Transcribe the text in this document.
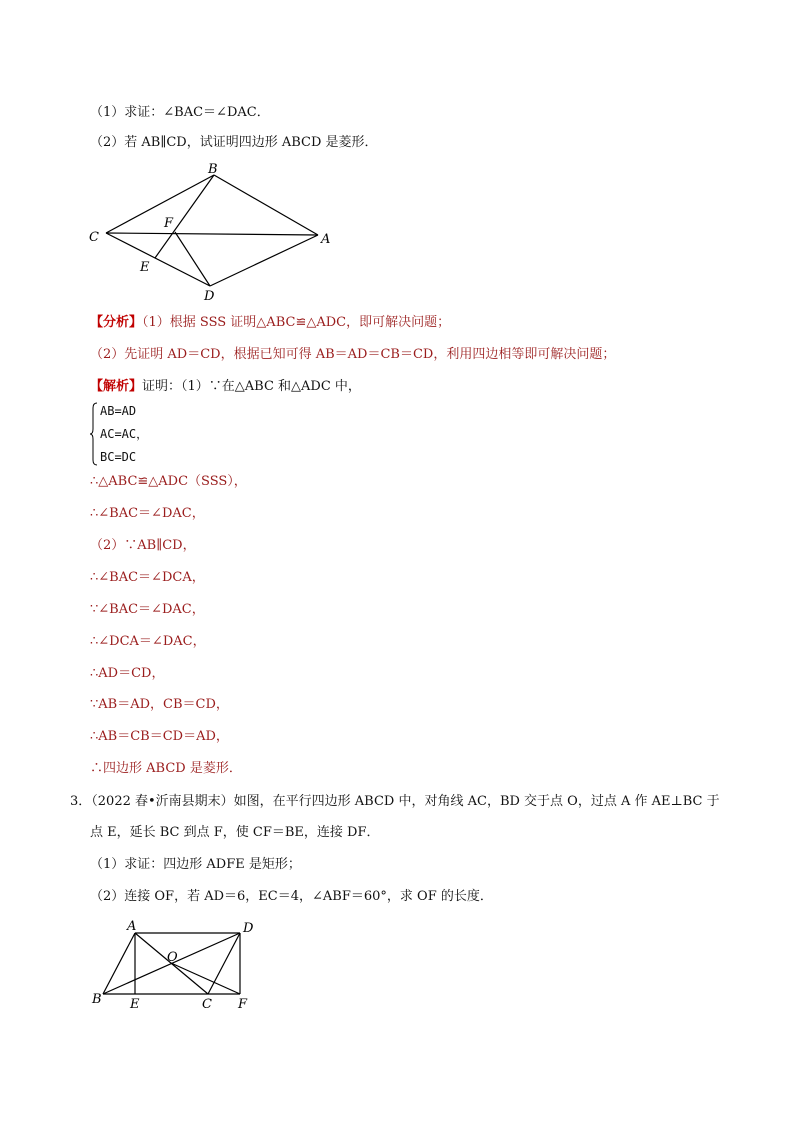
（1）求证：∠BAC＝∠DAC．
（2）若 AB∥CD，试证明四边形 ABCD 是菱形．
B
C
F
A
E
D
【分析】（1）根据 SSS 证明△ABC≌△ADC，即可解决问题；
（2）先证明 AD＝CD，根据已知可得 AB＝AD＝CB＝CD，利用四边相等即可解决问题；
【解析】证明：（1）∵在△ABC 和△ADC 中，
AB=AD
AC=AC，
BC=DC
∴△ABC≌△ADC（SSS），
∴∠BAC＝∠DAC，
（2）∵AB∥CD，
∴∠BAC＝∠DCA，
∵∠BAC＝∠DAC，
∴∠DCA＝∠DAC，
∴AD＝CD，
∵AB＝AD，CB＝CD，
∴AB＝CB＝CD＝AD，
∴四边形 ABCD 是菱形．
3．（2022 春•沂南县期末）如图，在平行四边形 ABCD 中，对角线 AC，BD 交于点 O，过点 A 作 AE⊥BC 于
点 E，延长 BC 到点 F，使 CF＝BE，连接 DF．
（1）求证：四边形 ADFE 是矩形；
（2）连接 OF，若 AD＝6，EC＝4，∠ABF＝60°，求 OF 的长度．
A	D
O
B E	C F
